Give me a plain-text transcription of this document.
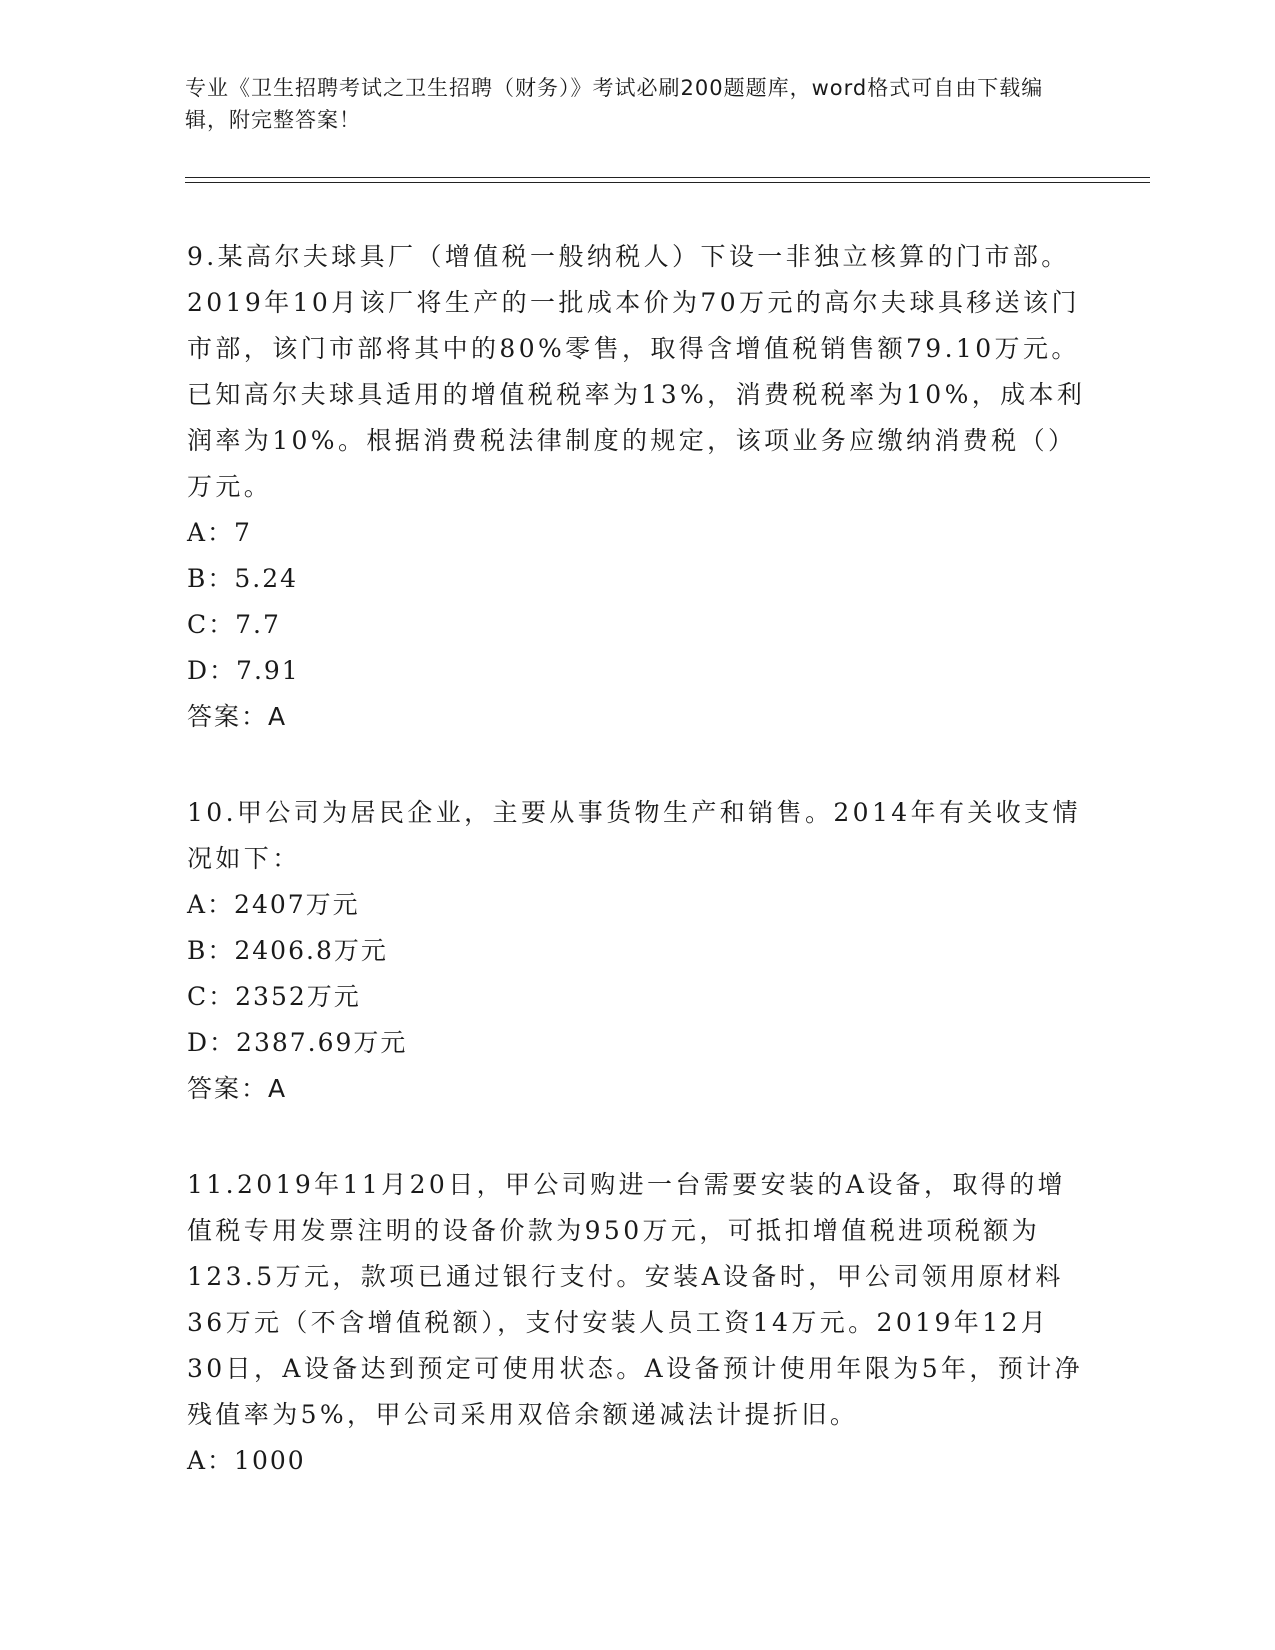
专业《卫生招聘考试之卫生招聘（财务）》考试必刷200题题库，word格式可自由下载编辑，附完整答案！

9.某高尔夫球具厂（增值税一般纳税人）下设一非独立核算的门市部。2019年10月该厂将生产的一批成本价为70万元的高尔夫球具移送该门市部，该门市部将其中的80%零售，取得含增值税销售额79.10万元。已知高尔夫球具适用的增值税税率为13%，消费税税率为10%，成本利润率为10%。根据消费税法律制度的规定，该项业务应缴纳消费税（）万元。

A：7

B：5.24

C：7.7

D：7.91

答案：A

10.甲公司为居民企业，主要从事货物生产和销售。2014年有关收支情况如下：

A：2407万元

B：2406.8万元

C：2352万元

D：2387.69万元

答案：A

11.2019年11月20日，甲公司购进一台需要安装的A设备，取得的增值税专用发票注明的设备价款为950万元，可抵扣增值税进项税额为123.5万元，款项已通过银行支付。安装A设备时，甲公司领用原材料36万元（不含增值税额），支付安装人员工资14万元。2019年12月30日，A设备达到预定可使用状态。A设备预计使用年限为5年，预计净残值率为5%，甲公司采用双倍余额递减法计提折旧。

A：1000
